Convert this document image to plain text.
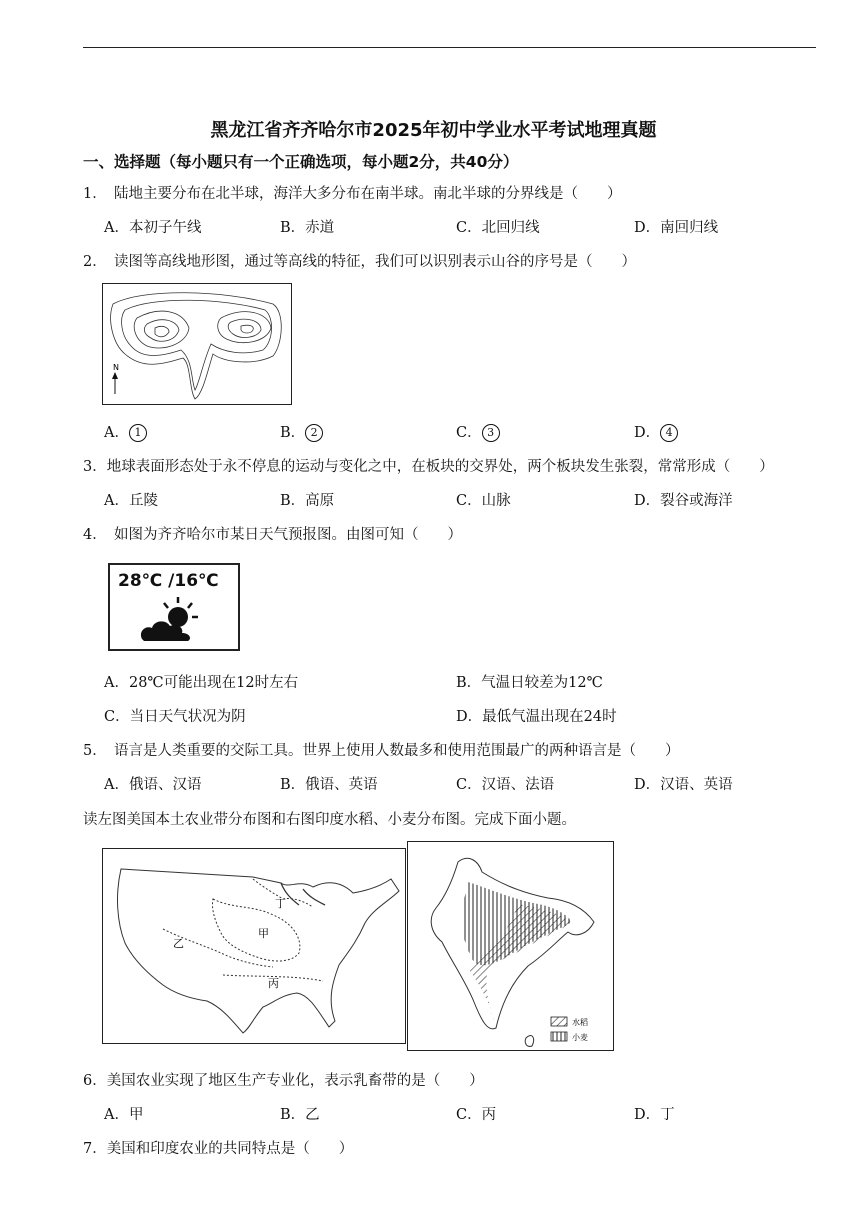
黑龙江省齐齐哈尔市2025年初中学业水平考试地理真题
一、选择题（每小题只有一个正确选项，每小题2分，共40分）
1．　陆地主要分布在北半球，海洋大多分布在南半球。南北半球的分界线是（　　）
A．本初子午线	B．赤道	C．北回归线	D．南回归线
2．　读图等高线地形图，通过等高线的特征，我们可以识别表示山谷的序号是（　　）
N
A． 1	B． 2	C． 3	D． 4
3．地球表面形态处于永不停息的运动与变化之中，在板块的交界处，两个板块发生张裂，常常形成（　　）
A．丘陵	B．高原	C．山脉	D．裂谷或海洋
4．　如图为齐齐哈尔市某日天气预报图。由图可知（　　）
28℃ /16℃
A．28℃可能出现在12时左右	B．气温日较差为12℃
C．当日天气状况为阴	D．最低气温出现在24时
5．　语言是人类重要的交际工具。世界上使用人数最多和使用范围最广的两种语言是（　　）
A．俄语、汉语	B．俄语、英语	C．汉语、法语	D．汉语、英语
读左图美国本土农业带分布图和右图印度水稻、小麦分布图。完成下面小题。
乙
甲
丁
丙
水稻
小麦
6．美国农业实现了地区生产专业化，表示乳畜带的是（　　）
A．甲	B．乙	C．丙	D．丁
7．美国和印度农业的共同特点是（　　）
